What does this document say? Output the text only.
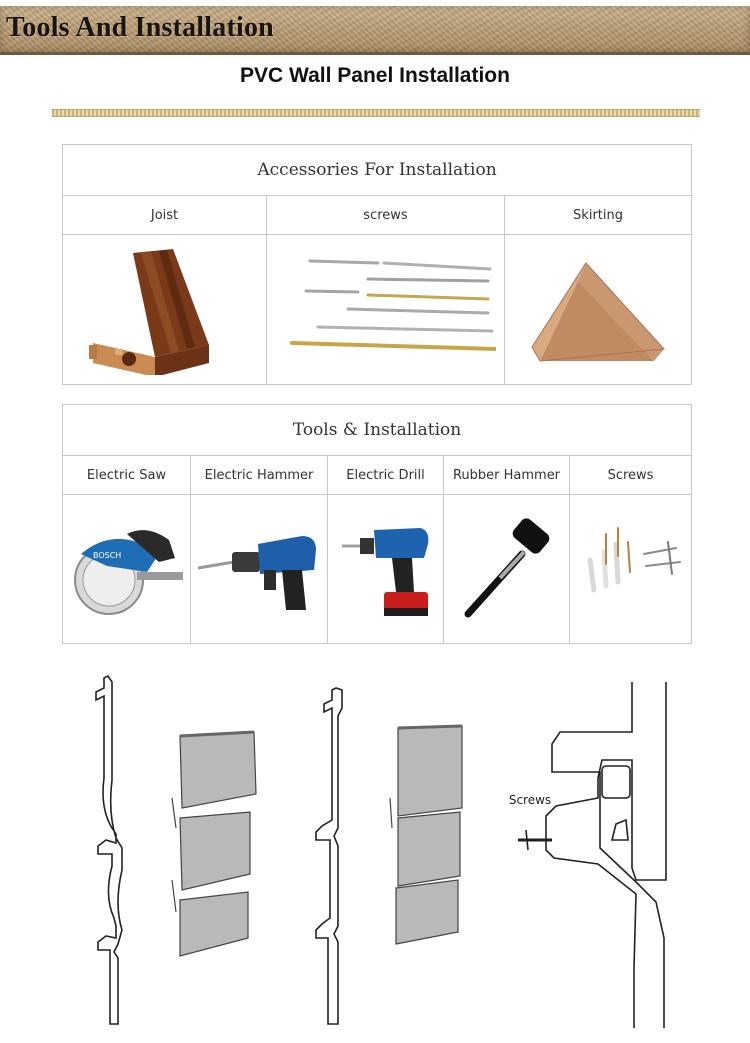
Tools And Installation
PVC Wall Panel Installation
Accessories For Installation		
Joist	screws	Skirting

Tools & Installation				
Electric Saw	Electric Hammer	Electric Drill	Rubber Hammer	Screws

BOSCH

Screws
